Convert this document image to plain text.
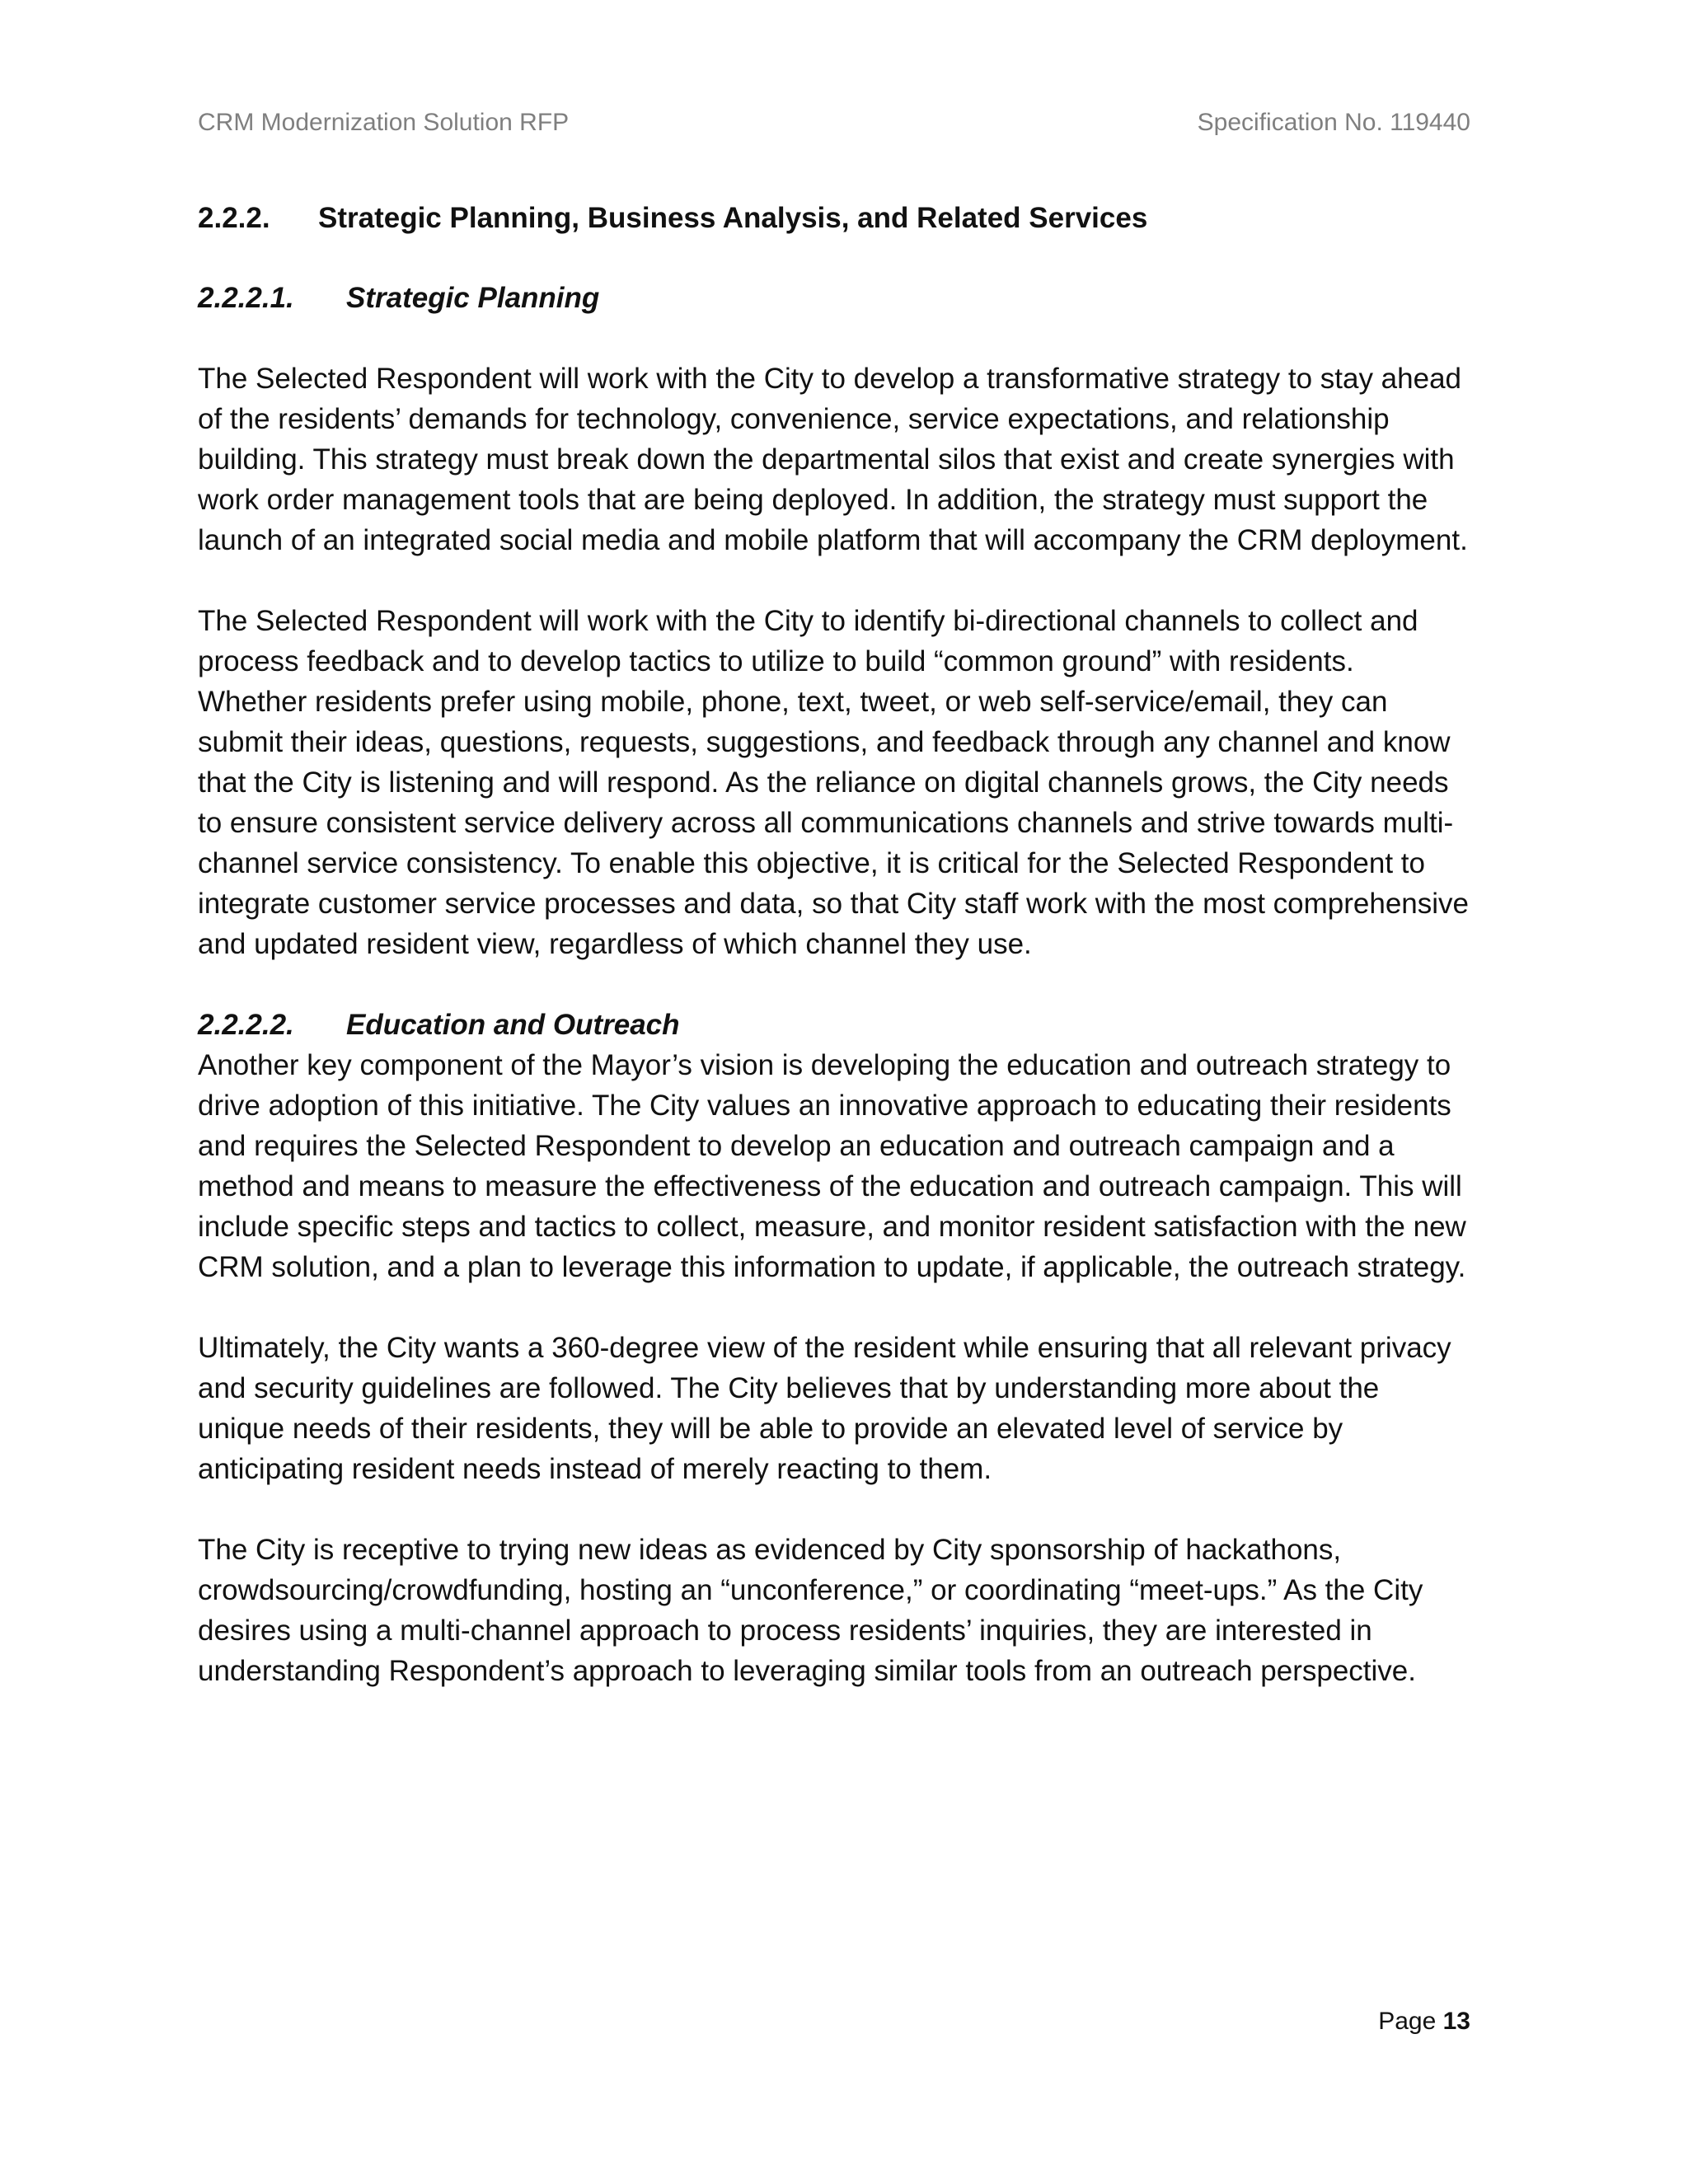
CRM Modernization Solution RFP	Specification No. 119440
2.2.2.	Strategic Planning, Business Analysis, and Related Services
2.2.2.1.	Strategic Planning

The Selected Respondent will work with the City to develop a transformative strategy to stay ahead of the residents’ demands for technology, convenience, service expectations, and relationship building. This strategy must break down the departmental silos that exist and create synergies with work order management tools that are being deployed. In addition, the strategy must support the launch of an integrated social media and mobile platform that will accompany the CRM deployment.

The Selected Respondent will work with the City to identify bi-directional channels to collect and process feedback and to develop tactics to utilize to build “common ground” with residents. Whether residents prefer using mobile, phone, text, tweet, or web self-service/email, they can submit their ideas, questions, requests, suggestions, and feedback through any channel and know that the City is listening and will respond. As the reliance on digital channels grows, the City needs to ensure consistent service delivery across all communications channels and strive towards multi-channel service consistency. To enable this objective, it is critical for the Selected Respondent to integrate customer service processes and data, so that City staff work with the most comprehensive and updated resident view, regardless of which channel they use.

2.2.2.2.	Education and Outreach

Another key component of the Mayor’s vision is developing the education and outreach strategy to drive adoption of this initiative. The City values an innovative approach to educating their residents and requires the Selected Respondent to develop an education and outreach campaign and a method and means to measure the effectiveness of the education and outreach campaign. This will include specific steps and tactics to collect, measure, and monitor resident satisfaction with the new CRM solution, and a plan to leverage this information to update, if applicable, the outreach strategy.

Ultimately, the City wants a 360-degree view of the resident while ensuring that all relevant privacy and security guidelines are followed. The City believes that by understanding more about the unique needs of their residents, they will be able to provide an elevated level of service by anticipating resident needs instead of merely reacting to them.

The City is receptive to trying new ideas as evidenced by City sponsorship of hackathons, crowdsourcing/crowdfunding, hosting an “unconference,” or coordinating “meet-ups.” As the City desires using a multi-channel approach to process residents’ inquiries, they are interested in understanding Respondent’s approach to leveraging similar tools from an outreach perspective.

Page 13
